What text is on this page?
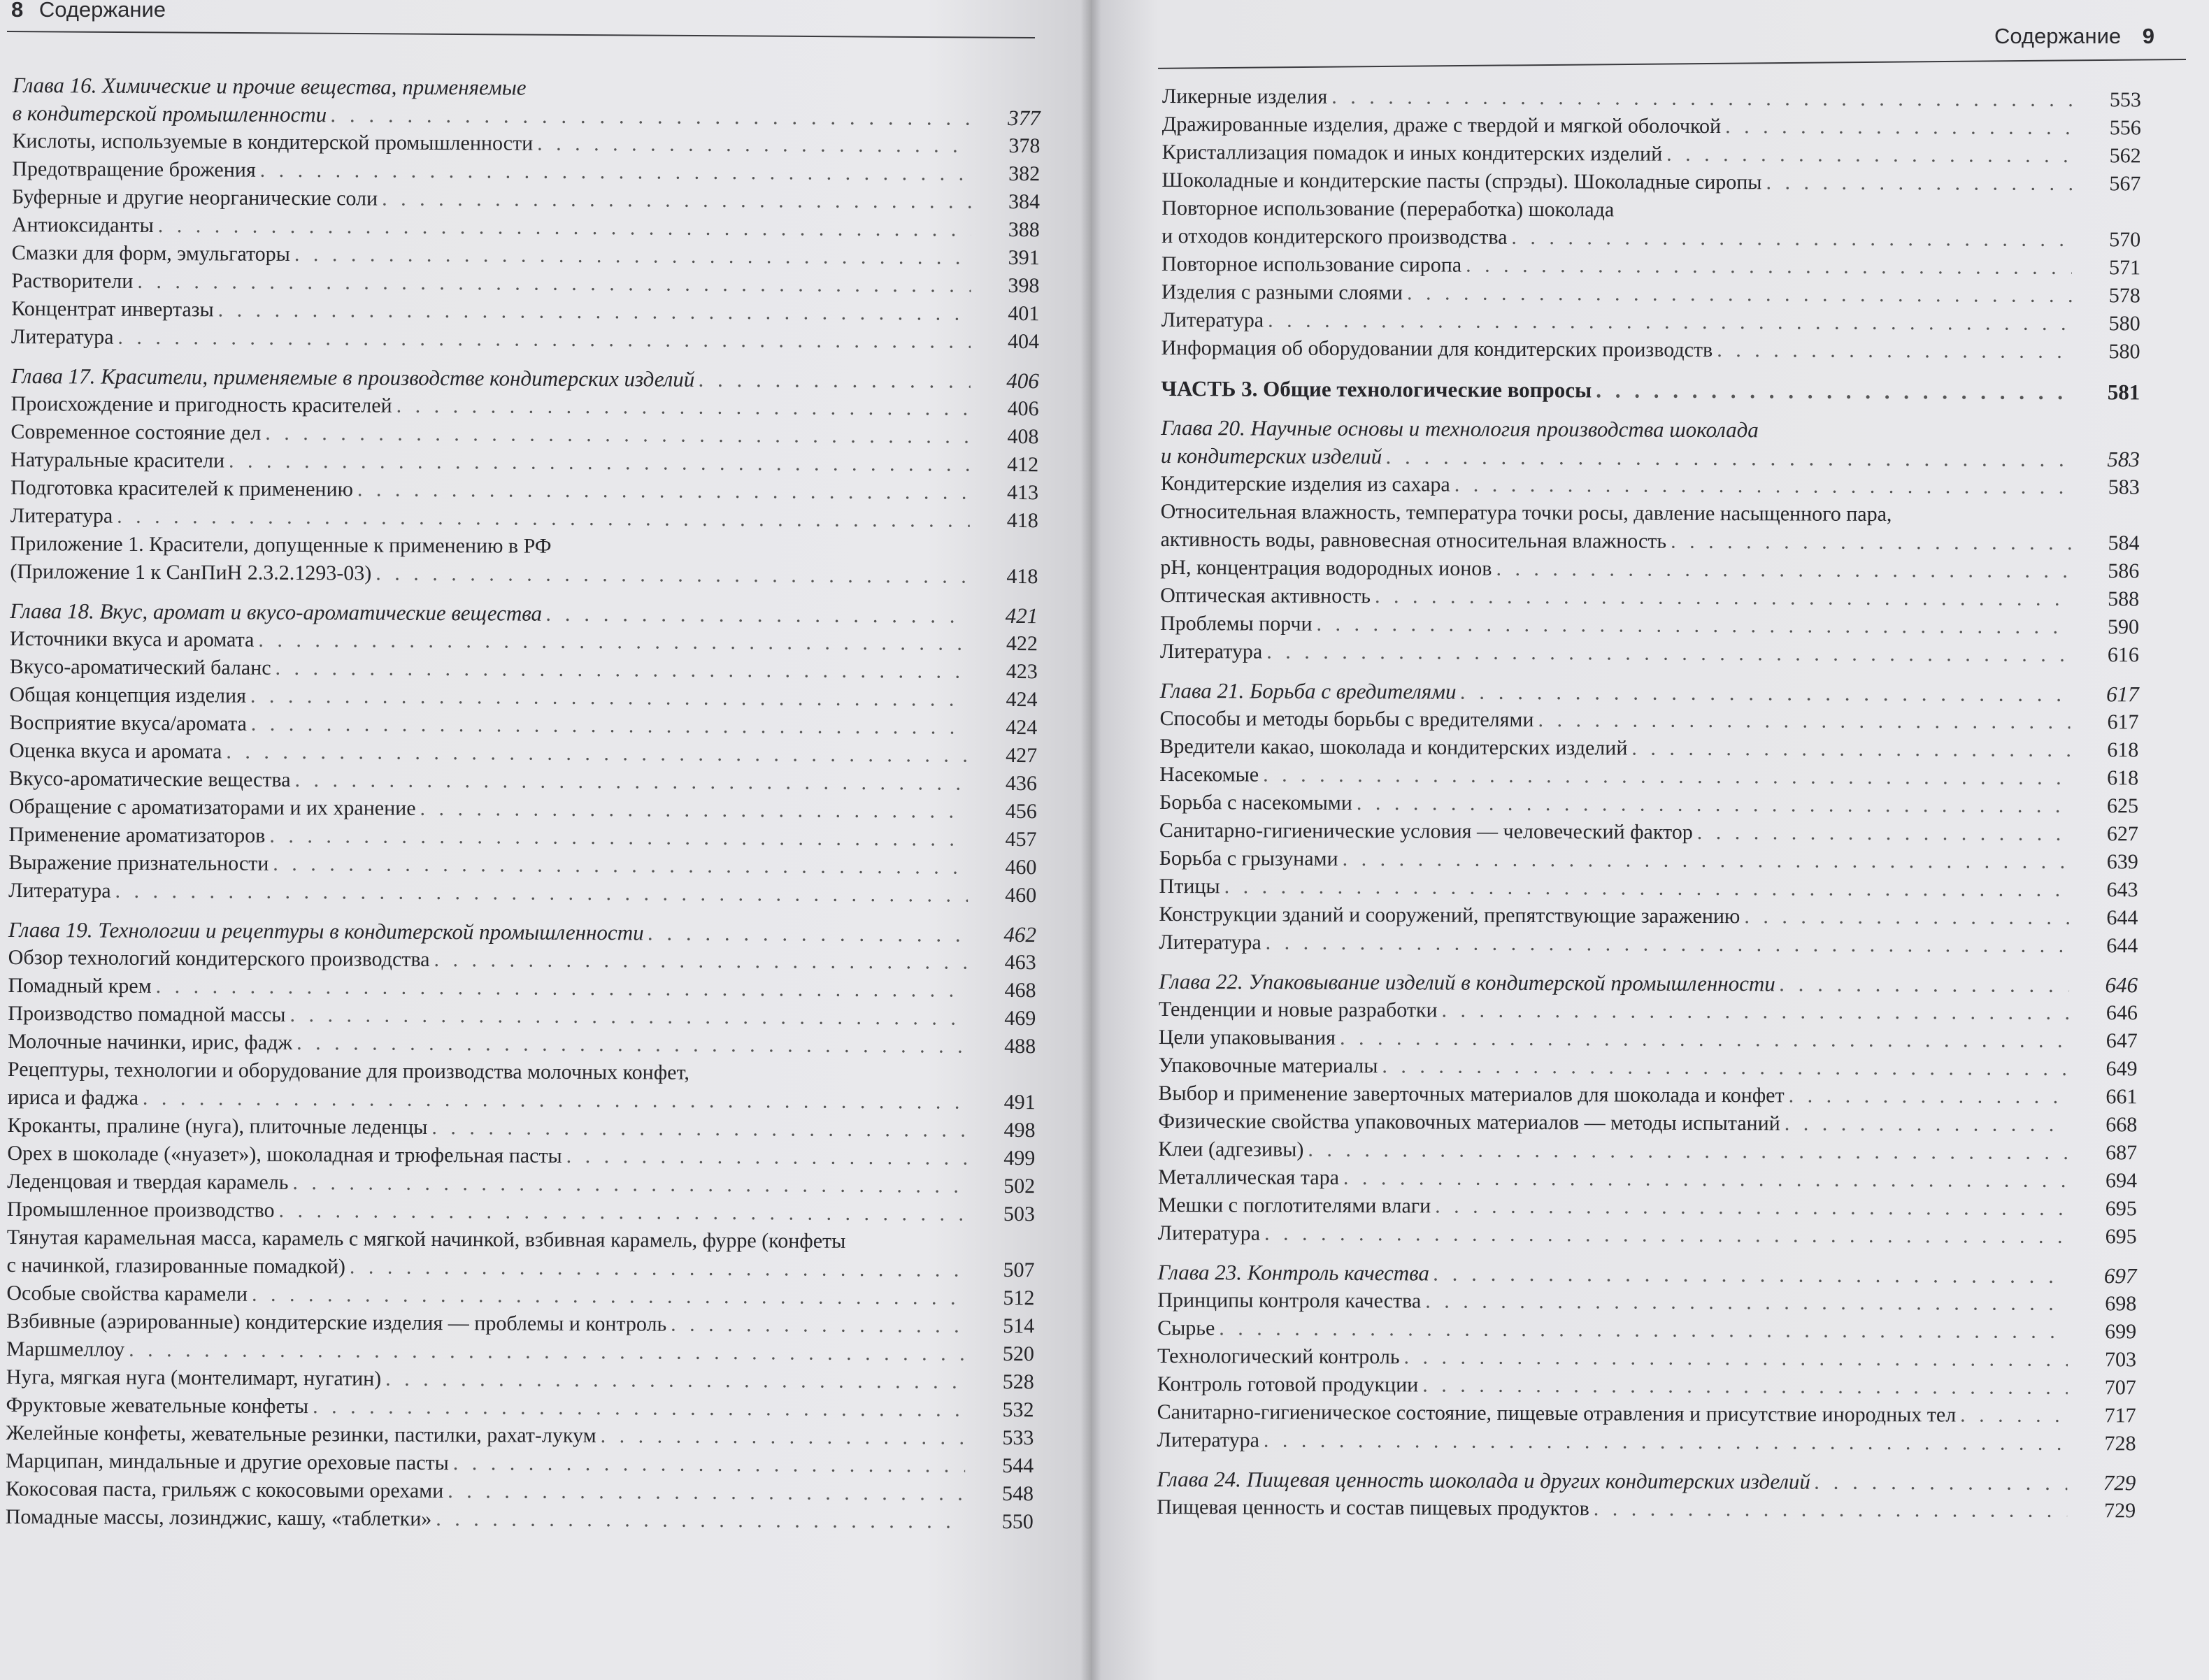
8 Содержание
Глава 16. Химические и прочие вещества, применяемые
в кондитерской промышленности . . .	377
Кислоты, используемые в кондитерской промышленности . . .	378
Предотвращение брожения . . .	382
Буферные и другие неорганические соли . . .	384
Антиоксиданты . . .	388
Смазки для форм, эмульгаторы . . .	391
Растворители . . .	398
Концентрат инвертазы . . .	401
Литература . . .	404
Глава 17. Красители, применяемые в производстве кондитерских изделий . . .	406
Происхождение и пригодность красителей . . .	406
Современное состояние дел . . .	408
Натуральные красители . . .	412
Подготовка красителей к применению . . .	413
Литература . . .	418
Приложение 1. Красители, допущенные к применению в РФ
(Приложение 1 к СанПиН 2.3.2.1293-03) . . .	418
Глава 18. Вкус, аромат и вкусо-ароматические вещества . . .	421
Источники вкуса и аромата . . .	422
Вкусо-ароматический баланс . . .	423
Общая концепция изделия . . .	424
Восприятие вкуса/аромата . . .	424
Оценка вкуса и аромата . . .	427
Вкусо-ароматические вещества . . .	436
Обращение с ароматизаторами и их хранение . . .	456
Применение ароматизаторов . . .	457
Выражение признательности . . .	460
Литература . . .	460
Глава 19. Технологии и рецептуры в кондитерской промышленности . . .	462
Обзор технологий кондитерского производства . . .	463
Помадный крем . . .	468
Производство помадной массы . . .	469
Молочные начинки, ирис, фадж . . .	488
Рецептуры, технологии и оборудование для производства молочных конфет,
ириса и фаджа . . .	491
Кроканты, пралине (нуга), плиточные леденцы . . .	498
Орех в шоколаде («нуазет»), шоколадная и трюфельная пасты . . .	499
Леденцовая и твердая карамель . . .	502
Промышленное производство . . .	503
Тянутая карамельная масса, карамель с мягкой начинкой, взбивная карамель, фурре (конфеты
с начинкой, глазированные помадкой) . . .	507
Особые свойства карамели . . .	512
Взбивные (аэрированные) кондитерские изделия — проблемы и контроль . . .	514
Маршмеллоу . . .	520
Нуга, мягкая нуга (монтелимарт, нугатин) . . .	528
Фруктовые жевательные конфеты . . .	532
Желейные конфеты, жевательные резинки, пастилки, рахат-лукум . . .	533
Марципан, миндальные и другие ореховые пасты . . .	544
Кокосовая паста, грильяж с кокосовыми орехами . . .	548
Помадные массы, лозинджис, кашу, «таблетки» . . .	550
Содержание 9
Ликерные изделия . . .	553
Дражированные изделия, драже с твердой и мягкой оболочкой . . .	556
Кристаллизация помадок и иных кондитерских изделий . . .	562
Шоколадные и кондитерские пасты (спрэды). Шоколадные сиропы . . .	567
Повторное использование (переработка) шоколада
и отходов кондитерского производства . . .	570
Повторное использование сиропа . . .	571
Изделия с разными слоями . . .	578
Литература . . .	580
Информация об оборудовании для кондитерских производств . . .	580
ЧАСТЬ 3. Общие технологические вопросы . . .	581
Глава 20. Научные основы и технология производства шоколада
и кондитерских изделий . . .	583
Кондитерские изделия из сахара . . .	583
Относительная влажность, температура точки росы, давление насыщенного пара,
активность воды, равновесная относительная влажность . . .	584
pH, концентрация водородных ионов . . .	586
Оптическая активность . . .	588
Проблемы порчи . . .	590
Литература . . .	616
Глава 21. Борьба с вредителями . . .	617
Способы и методы борьбы с вредителями . . .	617
Вредители какао, шоколада и кондитерских изделий . . .	618
Насекомые . . .	618
Борьба с насекомыми . . .	625
Санитарно-гигиенические условия — человеческий фактор . . .	627
Борьба с грызунами . . .	639
Птицы . . .	643
Конструкции зданий и сооружений, препятствующие заражению . . .	644
Литература . . .	644
Глава 22. Упаковывание изделий в кондитерской промышленности . . .	646
Тенденции и новые разработки . . .	646
Цели упаковывания . . .	647
Упаковочные материалы . . .	649
Выбор и применение заверточных материалов для шоколада и конфет . . .	661
Физические свойства упаковочных материалов — методы испытаний . . .	668
Клеи (адгезивы) . . .	687
Металлическая тара . . .	694
Мешки с поглотителями влаги . . .	695
Литература . . .	695
Глава 23. Контроль качества . . .	697
Принципы контроля качества . . .	698
Сырье . . .	699
Технологический контроль . . .	703
Контроль готовой продукции . . .	707
Санитарно-гигиеническое состояние, пищевые отравления и присутствие инородных тел . . .	717
Литература . . .	728
Глава 24. Пищевая ценность шоколада и других кондитерских изделий . . .	729
Пищевая ценность и состав пищевых продуктов . . .	729
